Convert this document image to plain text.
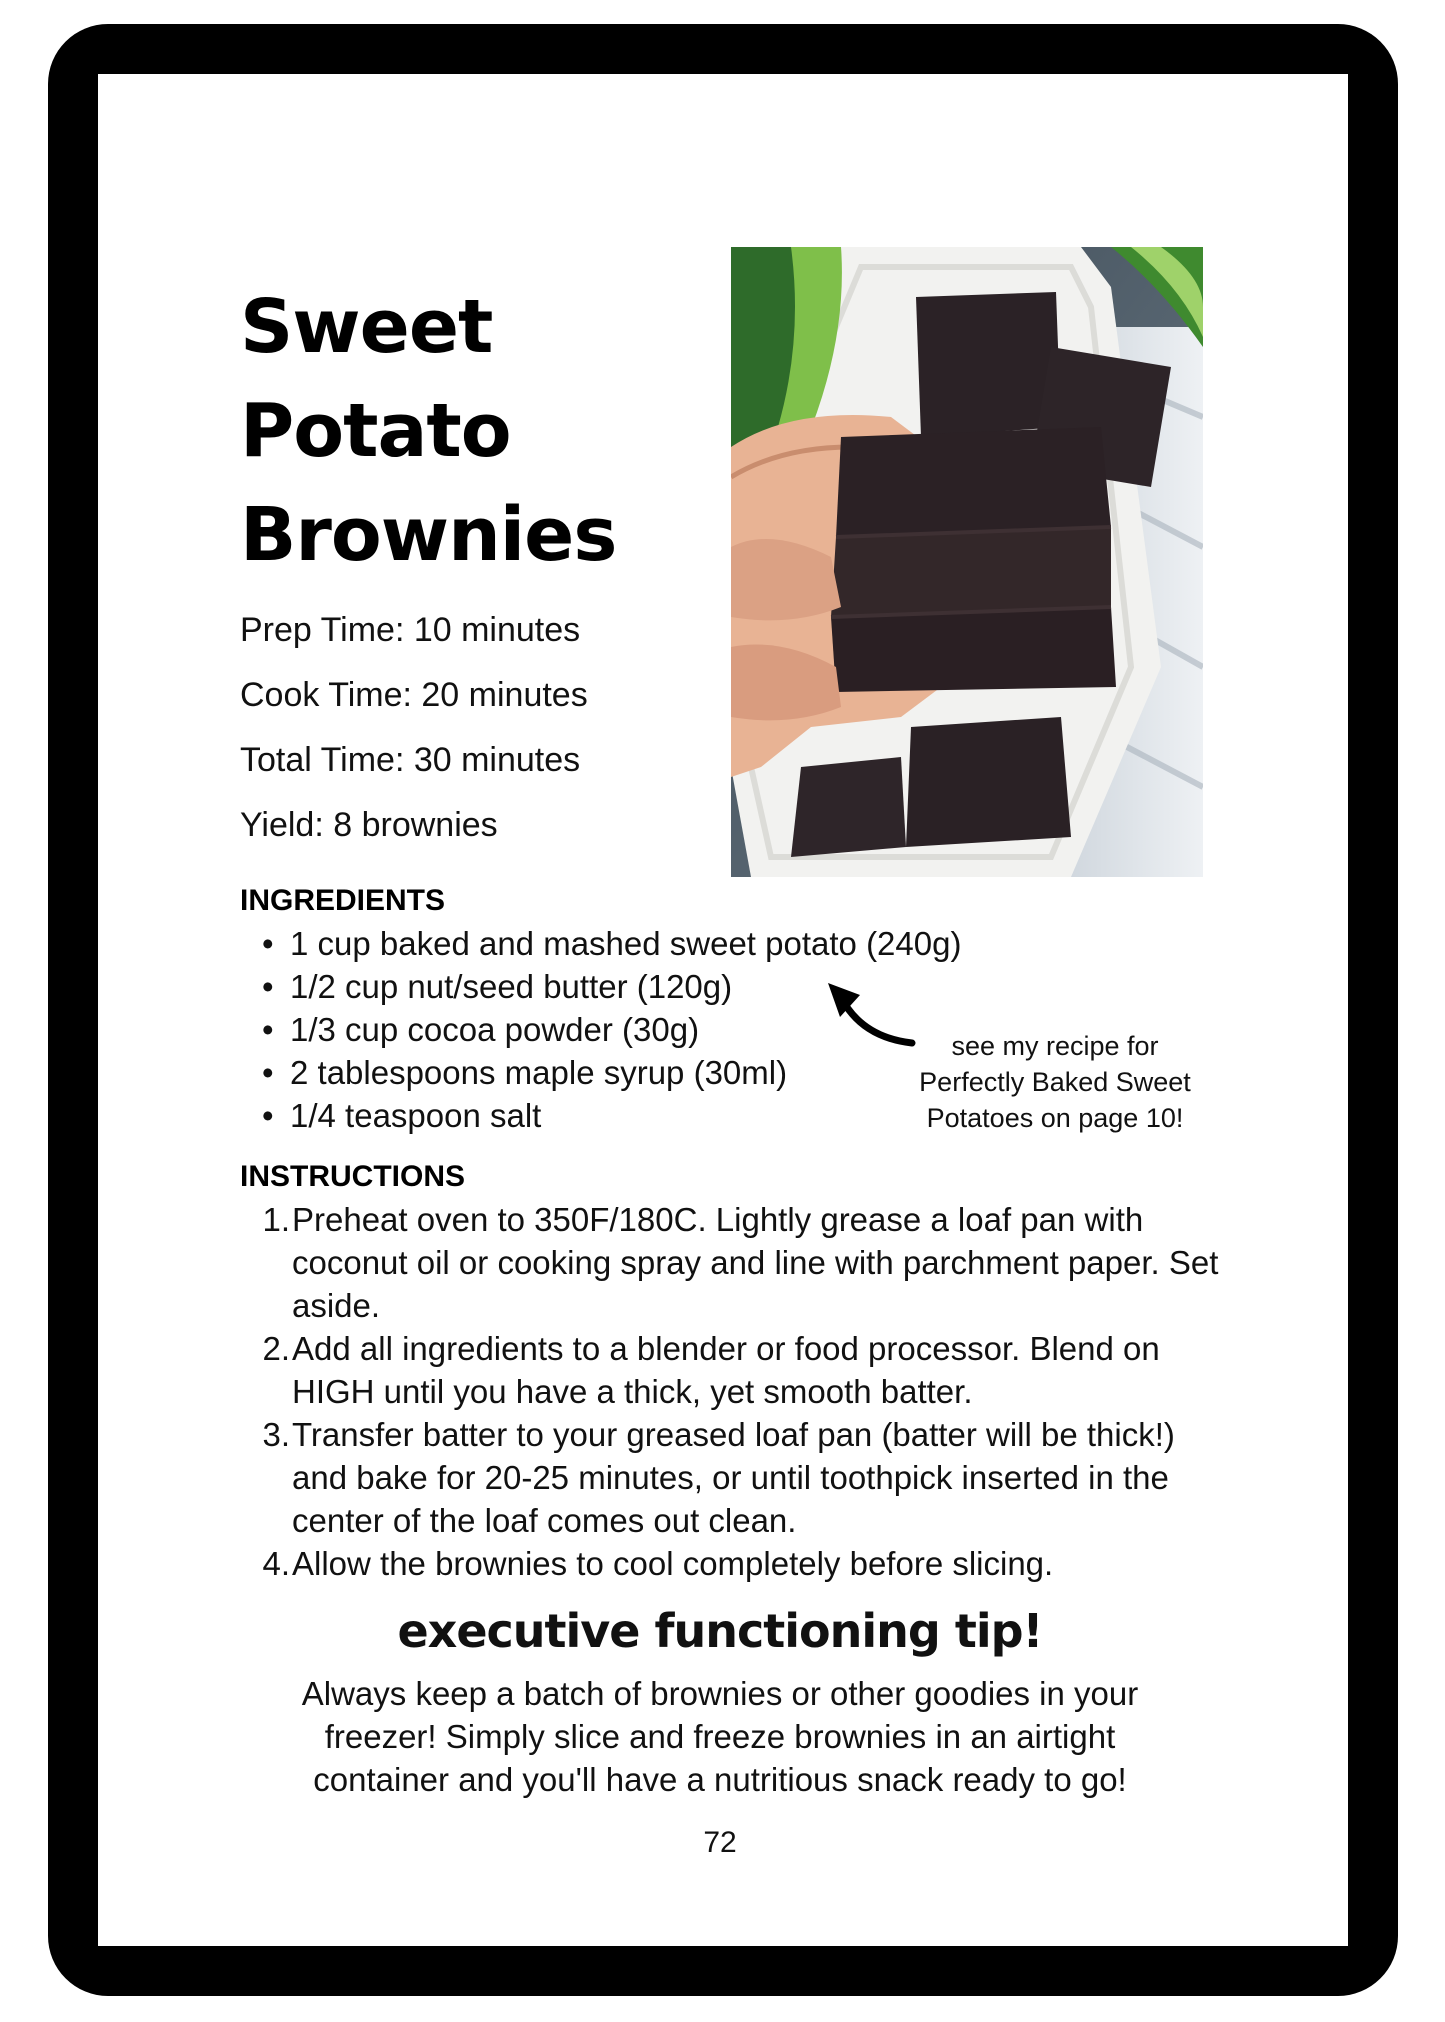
Sweet
Potato
Brownies
Prep Time: 10 minutes
Cook Time: 20 minutes
Total Time: 30 minutes
Yield: 8 brownies
INGREDIENTS
• 1 cup baked and mashed sweet potato (240g)
• 1/2 cup nut/seed butter (120g)
• 1/3 cup cocoa powder (30g)
• 2 tablespoons maple syrup (30ml)
• 1/4 teaspoon salt
see my recipe for
Perfectly Baked Sweet
Potatoes on page 10!
INSTRUCTIONS
1. Preheat oven to 350F/180C. Lightly grease a loaf pan with coconut oil or cooking spray and line with parchment paper. Set aside.
2. Add all ingredients to a blender or food processor. Blend on HIGH until you have a thick, yet smooth batter.
3. Transfer batter to your greased loaf pan (batter will be thick!) and bake for 20-25 minutes, or until toothpick inserted in the center of the loaf comes out clean.
4. Allow the brownies to cool completely before slicing.
executive functioning tip!
Always keep a batch of brownies or other goodies in your
freezer! Simply slice and freeze brownies in an airtight
container and you'll have a nutritious snack ready to go!
72
